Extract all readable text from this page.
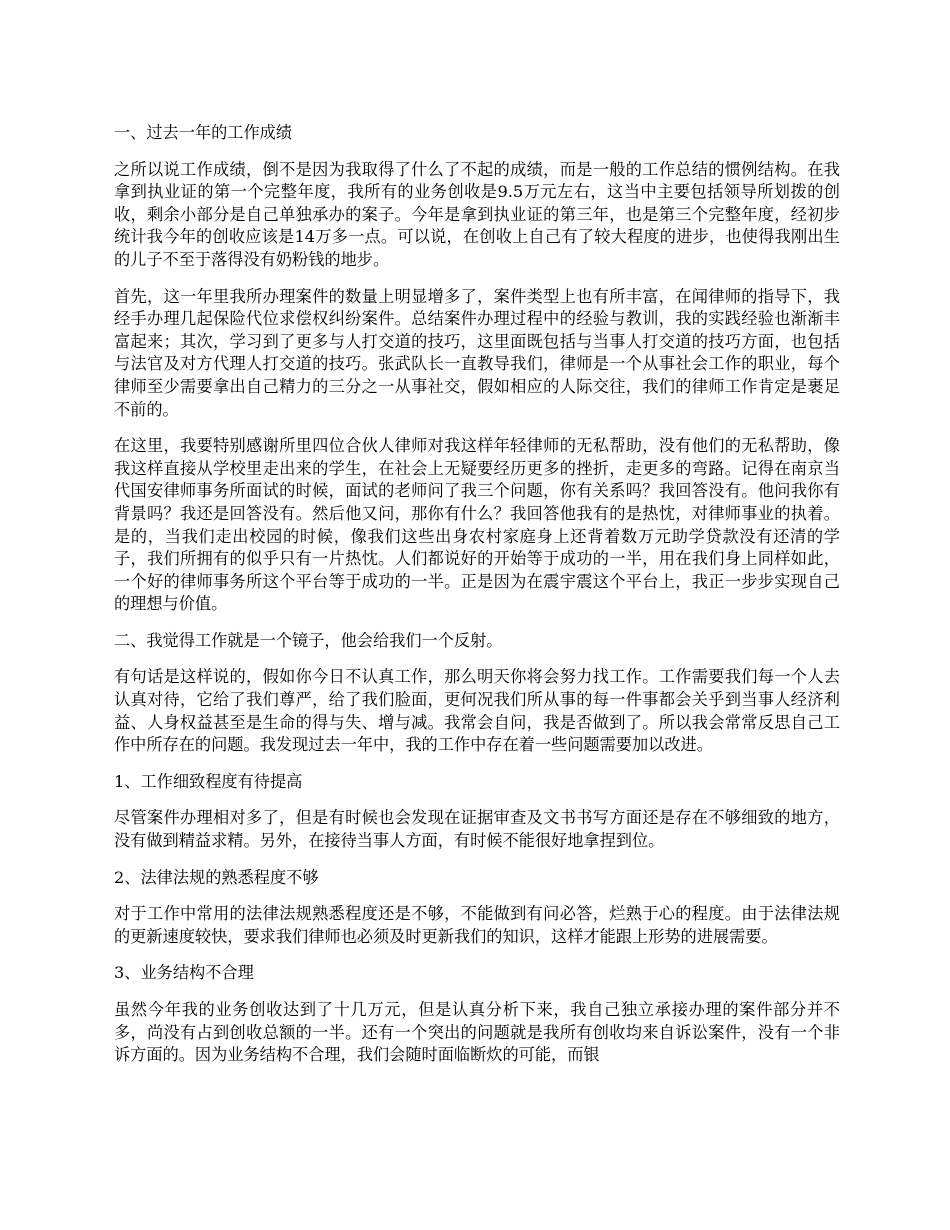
一、过去一年的工作成绩

之所以说工作成绩，倒不是因为我取得了什么了不起的成绩，而是一般的工作总结的惯例结构。在我拿到执业证的第一个完整年度，我所有的业务创收是9.5万元左右，这当中主要包括领导所划拨的创收，剩余小部分是自己单独承办的案子。今年是拿到执业证的第三年，也是第三个完整年度，经初步统计我今年的创收应该是14万多一点。可以说，在创收上自己有了较大程度的进步，也使得我刚出生的儿子不至于落得没有奶粉钱的地步。

首先，这一年里我所办理案件的数量上明显增多了，案件类型上也有所丰富，在闻律师的指导下，我经手办理几起保险代位求偿权纠纷案件。总结案件办理过程中的经验与教训，我的实践经验也渐渐丰富起来；其次，学习到了更多与人打交道的技巧，这里面既包括与当事人打交道的技巧方面，也包括与法官及对方代理人打交道的技巧。张武队长一直教导我们，律师是一个从事社会工作的职业，每个律师至少需要拿出自己精力的三分之一从事社交，假如相应的人际交往，我们的律师工作肯定是裹足不前的。

在这里，我要特别感谢所里四位合伙人律师对我这样年轻律师的无私帮助，没有他们的无私帮助，像我这样直接从学校里走出来的学生，在社会上无疑要经历更多的挫折，走更多的弯路。记得在南京当代国安律师事务所面试的时候，面试的老师问了我三个问题，你有关系吗？我回答没有。他问我你有背景吗？我还是回答没有。然后他又问，那你有什么？我回答他我有的是热忱，对律师事业的执着。是的，当我们走出校园的时候，像我们这些出身农村家庭身上还背着数万元助学贷款没有还清的学子，我们所拥有的似乎只有一片热忱。人们都说好的开始等于成功的一半，用在我们身上同样如此，一个好的律师事务所这个平台等于成功的一半。正是因为在震宇震这个平台上，我正一步步实现自己的理想与价值。

二、我觉得工作就是一个镜子，他会给我们一个反射。

有句话是这样说的，假如你今日不认真工作，那么明天你将会努力找工作。工作需要我们每一个人去认真对待，它给了我们尊严，给了我们脸面，更何况我们所从事的每一件事都会关乎到当事人经济利益、人身权益甚至是生命的得与失、增与减。我常会自问，我是否做到了。所以我会常常反思自己工作中所存在的问题。我发现过去一年中，我的工作中存在着一些问题需要加以改进。

1、工作细致程度有待提高

尽管案件办理相对多了，但是有时候也会发现在证据审查及文书书写方面还是存在不够细致的地方，没有做到精益求精。另外，在接待当事人方面，有时候不能很好地拿捏到位。

2、法律法规的熟悉程度不够

对于工作中常用的法律法规熟悉程度还是不够，不能做到有问必答，烂熟于心的程度。由于法律法规的更新速度较快，要求我们律师也必须及时更新我们的知识，这样才能跟上形势的进展需要。

3、业务结构不合理

虽然今年我的业务创收达到了十几万元，但是认真分析下来，我自己独立承接办理的案件部分并不多，尚没有占到创收总额的一半。还有一个突出的问题就是我所有创收均来自诉讼案件，没有一个非诉方面的。因为业务结构不合理，我们会随时面临断炊的可能，而银
